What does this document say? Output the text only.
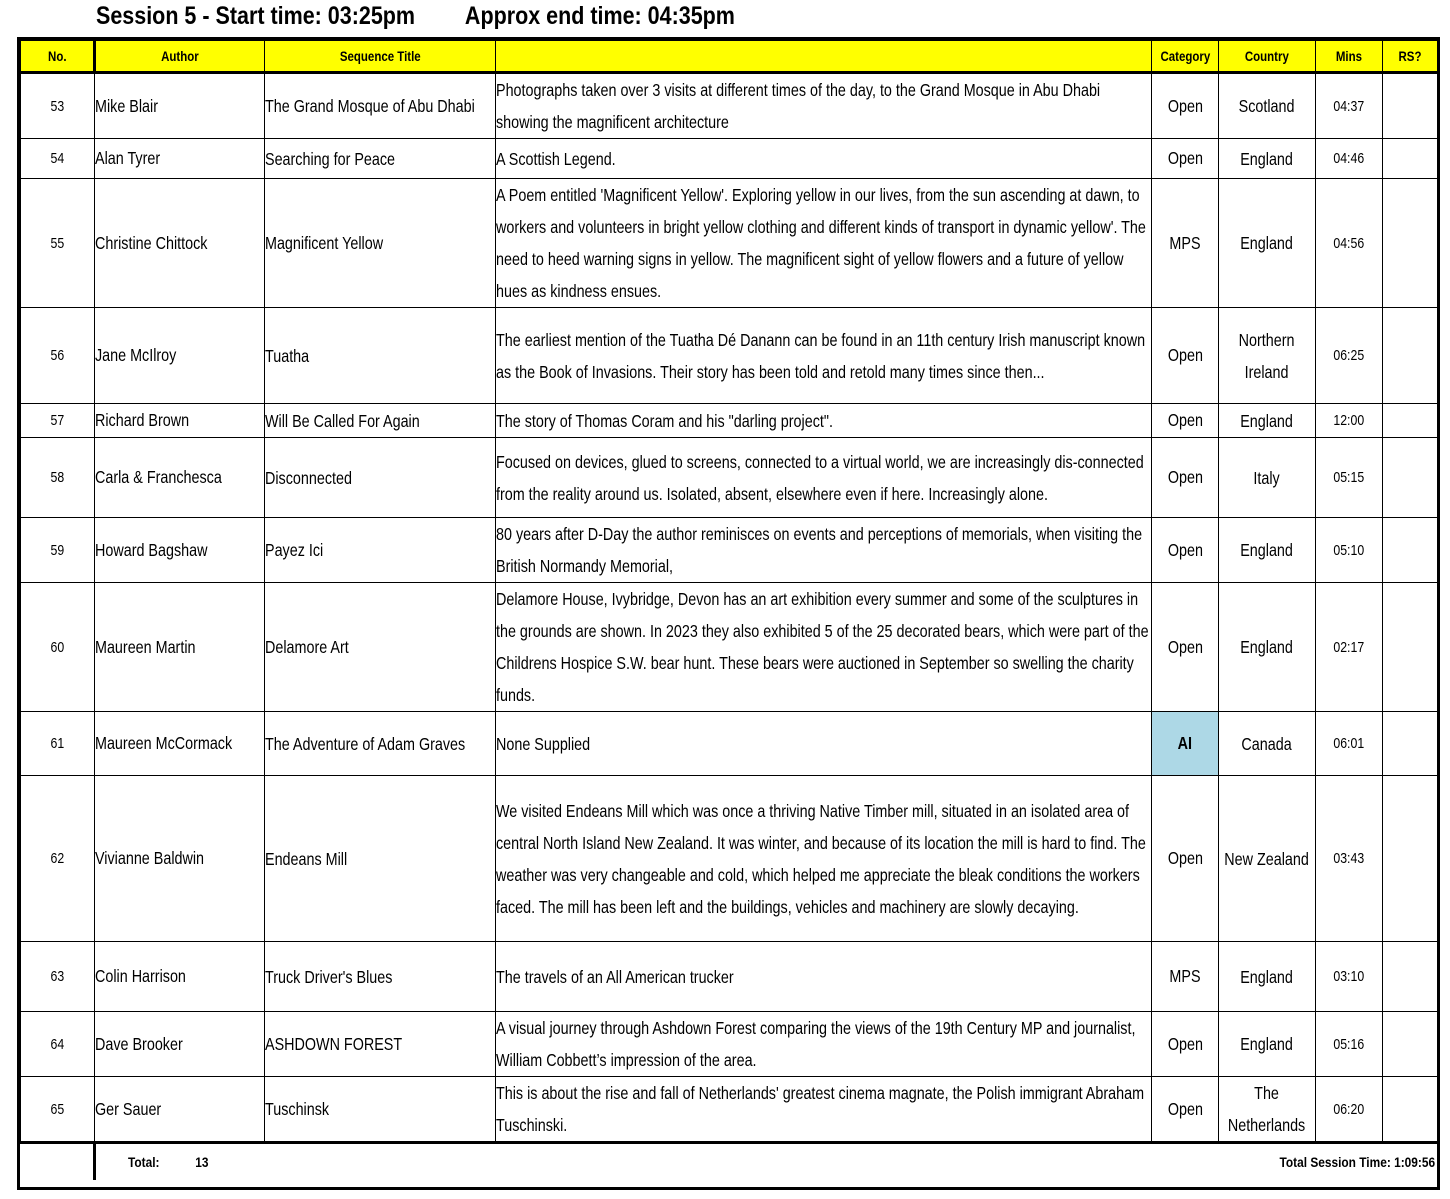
Session 5 - Start time: 03:25pm Approx end time: 04:35pm
No.	Author	Sequence Title		Category	Country	Mins	RS?
53	Mike Blair	The Grand Mosque of Abu Dhabi	Photographs taken over 3 visits at different times of the day, to the Grand Mosque in Abu Dhabi showing the magnificent architecture	Open	Scotland	04:37	
54	Alan Tyrer	Searching for Peace	A Scottish Legend.	Open	England	04:46	
55	Christine Chittock	Magnificent Yellow	A Poem entitled 'Magnificent Yellow'. Exploring yellow in our lives, from the sun ascending at dawn, to workers and volunteers in bright yellow clothing and different kinds of transport in dynamic yellow'. The need to heed warning signs in yellow. The magnificent sight of yellow flowers and a future of yellow hues as kindness ensues.	MPS	England	04:56	
56	Jane McIlroy	Tuatha	The earliest mention of the Tuatha Dé Danann can be found in an 11th century Irish manuscript known as the Book of Invasions. Their story has been told and retold many times since then...	Open	Northern Ireland	06:25	
57	Richard Brown	Will Be Called For Again	The story of Thomas Coram and his "darling project".	Open	England	12:00	
58	Carla & Franchesca	Disconnected	Focused on devices, glued to screens, connected to a virtual world, we are increasingly dis-connected from the reality around us. Isolated, absent, elsewhere even if here. Increasingly alone.	Open	Italy	05:15	
59	Howard Bagshaw	Payez Ici	80 years after D-Day the author reminisces on events and perceptions of memorials, when visiting the British Normandy Memorial,	Open	England	05:10	
60	Maureen Martin	Delamore Art	Delamore House, Ivybridge, Devon has an art exhibition every summer and some of the sculptures in the grounds are shown. In 2023 they also exhibited 5 of the 25 decorated bears, which were part of the Childrens Hospice S.W. bear hunt. These bears were auctioned in September so swelling the charity funds.	Open	England	02:17	
61	Maureen McCormack	The Adventure of Adam Graves	None Supplied	AI	Canada	06:01	
62	Vivianne Baldwin	Endeans Mill	We visited Endeans Mill which was once a thriving Native Timber mill, situated in an isolated area of central North Island New Zealand. It was winter, and because of its location the mill is hard to find. The weather was very changeable and cold, which helped me appreciate the bleak conditions the workers faced. The mill has been left and the buildings, vehicles and machinery are slowly decaying.	Open	New Zealand	03:43	
63	Colin Harrison	Truck Driver's Blues	The travels of an All American trucker	MPS	England	03:10	
64	Dave Brooker	ASHDOWN FOREST	A visual journey through Ashdown Forest comparing the views of the 19th Century MP and journalist, William Cobbett’s impression of the area.	Open	England	05:16	
65	Ger Sauer	Tuschinsk	This is about the rise and fall of Netherlands' greatest cinema magnate, the Polish immigrant Abraham Tuschinski.	Open	The Netherlands	06:20	
	Total: 13 Total Session Time: 1:09:56						
